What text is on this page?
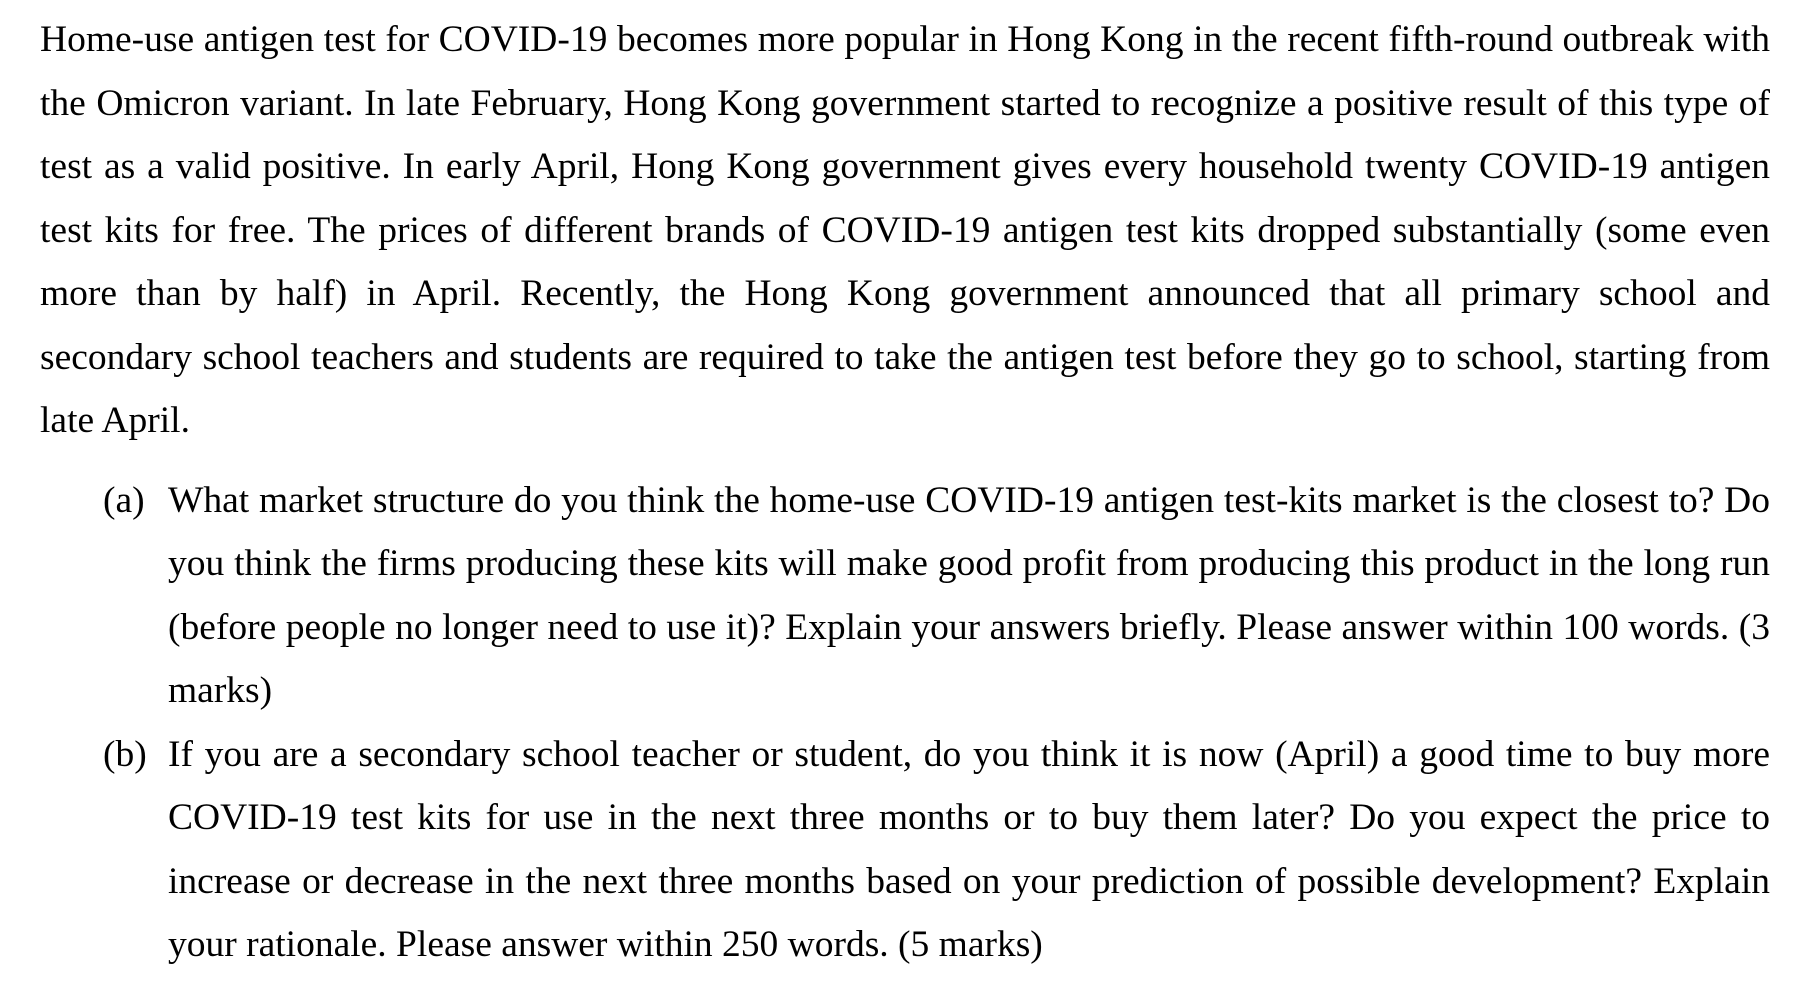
Home-use antigen test for COVID-19 becomes more popular in Hong Kong in the recent fifth-round outbreak with the Omicron variant. In late February, Hong Kong government started to recognize a positive result of this type of test as a valid positive. In early April, Hong Kong government gives every household twenty COVID-19 antigen test kits for free. The prices of different brands of COVID-19 antigen test kits dropped substantially (some even more than by half) in April. Recently, the Hong Kong government announced that all primary school and secondary school teachers and students are required to take the antigen test before they go to school, starting from late April.

(a) What market structure do you think the home-use COVID-19 antigen test-kits market is the closest to? Do you think the firms producing these kits will make good profit from producing this product in the long run (before people no longer need to use it)? Explain your answers briefly. Please answer within 100 words. (3 marks)
(b) If you are a secondary school teacher or student, do you think it is now (April) a good time to buy more COVID-19 test kits for use in the next three months or to buy them later? Do you expect the price to increase or decrease in the next three months based on your prediction of possible development? Explain your rationale. Please answer within 250 words. (5 marks)
